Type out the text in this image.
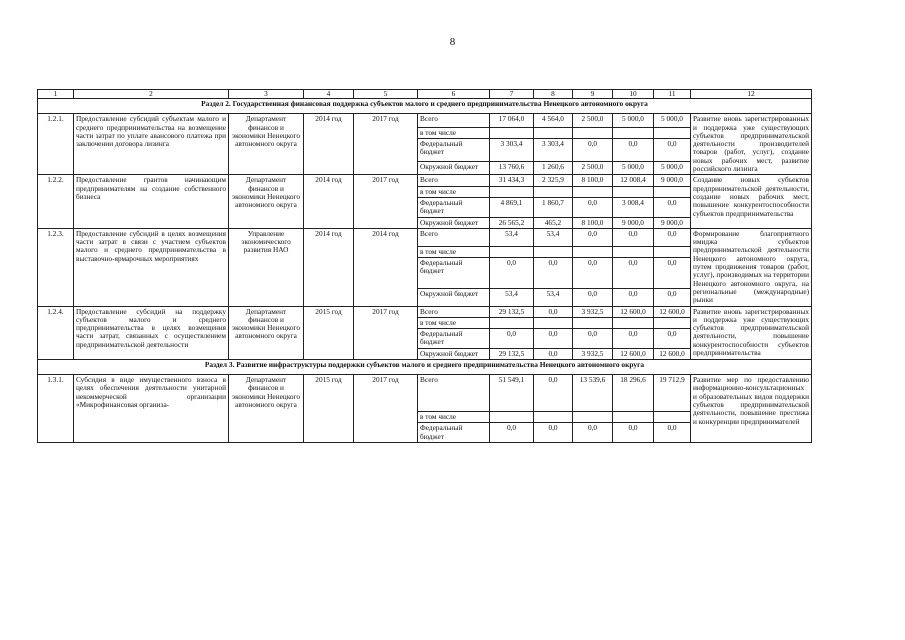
8
1	2	3	4	5	6	7	8	9	10	11	12
Раздел 2. Государственная финансовая поддержка субъектов малого и среднего предпринимательства Ненецкого автономного округа											
1.2.1.	Предоставление субсидий субъектам малого и среднего предпринимательства на возмещение части затрат по уплате авансового платежа при заключении договора лизинга	Департамент финансов и экономики Ненецкого автономного округа	2014 год	2017 год	Всего	17 064,0	4 564,0	2 500,0	5 000,0	5 000,0	Развитие вновь зарегистрированных и поддержка уже существующих субъектов предпринимательской деятельности производителей товаров (работ, услуг), создание новых рабочих мест, развитие российского лизинга
					в том числе						
					Федеральный бюджет	3 303,4	3 303,4	0,0	0,0	0,0	
					Окружной бюджет	13 760,6	1 260,6	2 500,0	5 000,0	5 000,0	
1.2.2.	Предоставление грантов начинающим предпринимателям на создание собственного бизнеса	Департамент финансов и экономики Ненецкого автономного округа	2014 год	2017 год	Всего	31 434,3	2 325,9	8 100,0	12 008,4	9 000,0	Создание новых субъектов предпринимательской деятельности, создание новых рабочих мест, повышение конкурентоспособности субъектов предпринимательства
					в том числе						
					Федеральный бюджет	4 869,1	1 860,7	0,0	3 008,4	0,0	
					Окружной бюджет	26 565,2	465,2	8 100,0	9 000,0	9 000,0	
1.2.3.	Предоставление субсидий в целях возмещения части затрат в связи с участием субъектов малого и среднего предпринимательства в выставочно-ярмарочных мероприятиях	Управление экономического развития НАО	2014 год	2014 год	Всего	53,4	53,4	0,0	0,0	0,0	Формирование благоприятного имиджа субъектов предпринимательской деятельности Ненецкого автономного округа, путем продвижения товаров (работ, услуг), производимых на территории Ненецкого автономного округа, на региональные (международные) рынки
					в том числе						
					Федеральный бюджет	0,0	0,0	0,0	0,0	0,0	
					Окружной бюджет	53,4	53,4	0,0	0,0	0,0	
1.2.4.	Предоставление субсидий на поддержку субъектов малого и среднего предпринимательства в целях возмещения части затрат, связанных с осуществлением предпринимательской деятельности	Департамент финансов и экономики Ненецкого автономного округа	2015 год	2017 год	Всего	29 132,5	0,0	3 932,5	12 600,0	12 600,0	Развитие вновь зарегистрированных и поддержка уже существующих субъектов предпринимательской деятельности, повышение конкурентоспособности субъектов предпринимательства
					в том числе						
					Федеральный бюджет	0,0	0,0	0,0	0,0	0,0	
					Окружной бюджет	29 132,5	0,0	3 932,5	12 600,0	12 600,0	
Раздел 3. Развитие инфраструктуры поддержки субъектов малого и среднего предпринимательства Ненецкого автономного округа											
1.3.1.	Субсидия в виде имущественного взноса в целях обеспечения деятельности унитарной некоммерческой организации «Микрофинансовая организа-	Департамент финансов и экономики Ненецкого автономного округа	2015 год	2017 год	Всего	51 549,1	0,0	13 539,6	18 296,6	19 712,9	Развитие мер по предоставлению информационно-консультационных и образовательных видов поддержки субъектов предпринимательской деятельности, повышение престижа и конкуренции предпринимателей
					в том числе						
					Федеральный бюджет	0,0	0,0	0,0	0,0	0,0	
